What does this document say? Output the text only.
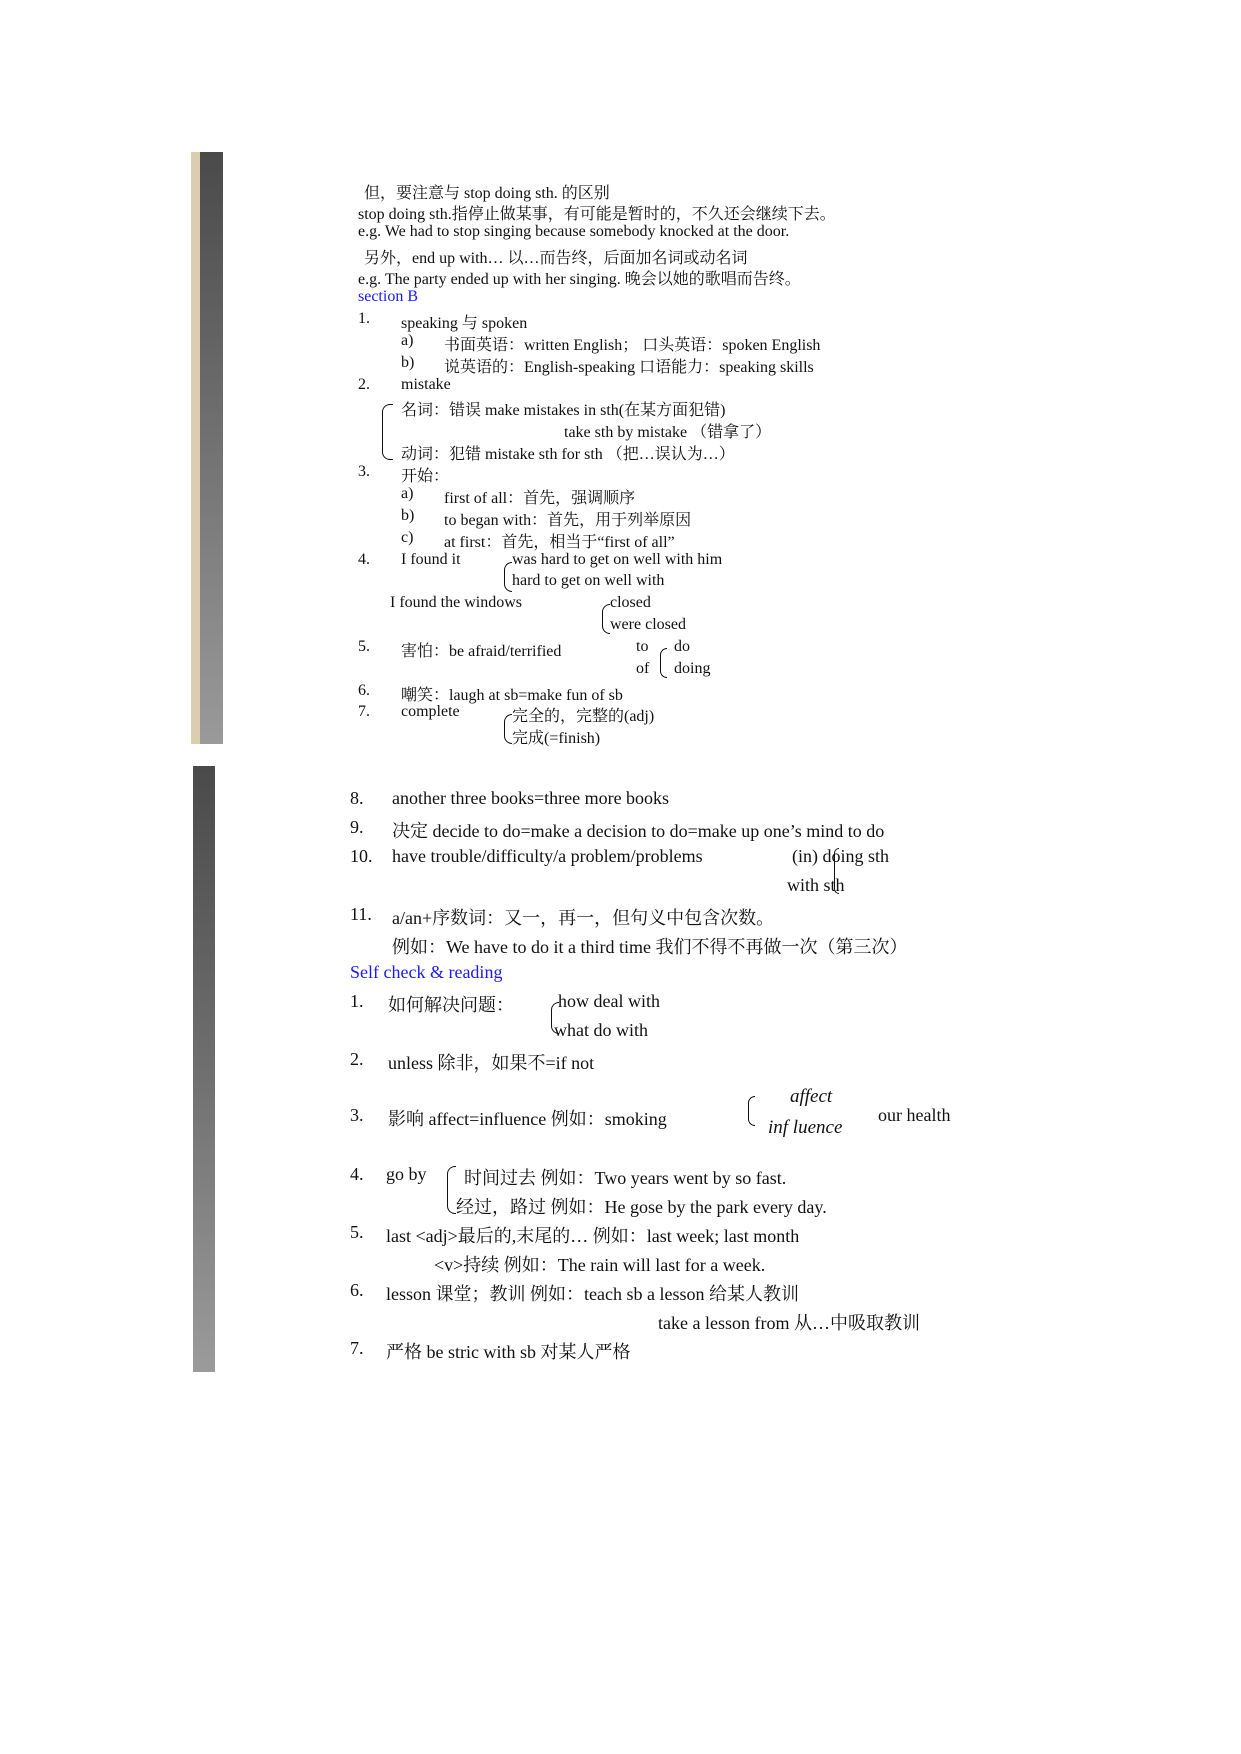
但，要注意与 stop doing sth. 的区别
stop doing sth.指停止做某事，有可能是暂时的，不久还会继续下去。
e.g. We had to stop singing because somebody knocked at the door.
另外，end up with… 以…而告终，后面加名词或动名词
e.g. The party ended up with her singing. 晚会以她的歌唱而告终。
section B
1. speaking 与 spoken
a) 书面英语：written English； 口头英语：spoken English
b) 说英语的：English-speaking 口语能力：speaking skills
2. mistake
名词：错误 make mistakes in sth(在某方面犯错)
take sth by mistake （错拿了）
动词：犯错 mistake sth for sth （把…误认为…）
3. 开始：
a) first of all：首先，强调顺序
b) to began with：首先，用于列举原因
c) at first：首先，相当于“first of all”
4. I found it	was hard to get on well with him
hard to get on well with
I found the windows	closed
were closed
5. 害怕：be afraid/terrified	to
of
do
doing
6. 嘲笑：laugh at sb=make fun of sb
7. complete	完全的，完整的(adj)
完成(=finish)
8. another three books=three more books
9. 决定 decide to do=make a decision to do=make up one’s mind to do
10. have trouble/difficulty/a problem/problems	(in) doing sth
with sth
11. a/an+序数词：又一，再一，但句义中包含次数。
例如：We have to do it a third time 我们不得不再做一次（第三次）
Self check & reading
1. 如何解决问题： how deal with
what do with
2. unless 除非，如果不=if not
3. 影响 affect=influence 例如：smoking
affect
inf luence
our health
4. go by 时间过去 例如：Two years went by so fast.
经过，路过 例如：He gose by the park every day.
5. last <adj>最后的,末尾的… 例如：last week; last month
<v>持续 例如：The rain will last for a week.
6. lesson 课堂；教训 例如：teach sb a lesson 给某人教训
take a lesson from 从…中吸取教训
7. 严格 be stric with sb 对某人严格
